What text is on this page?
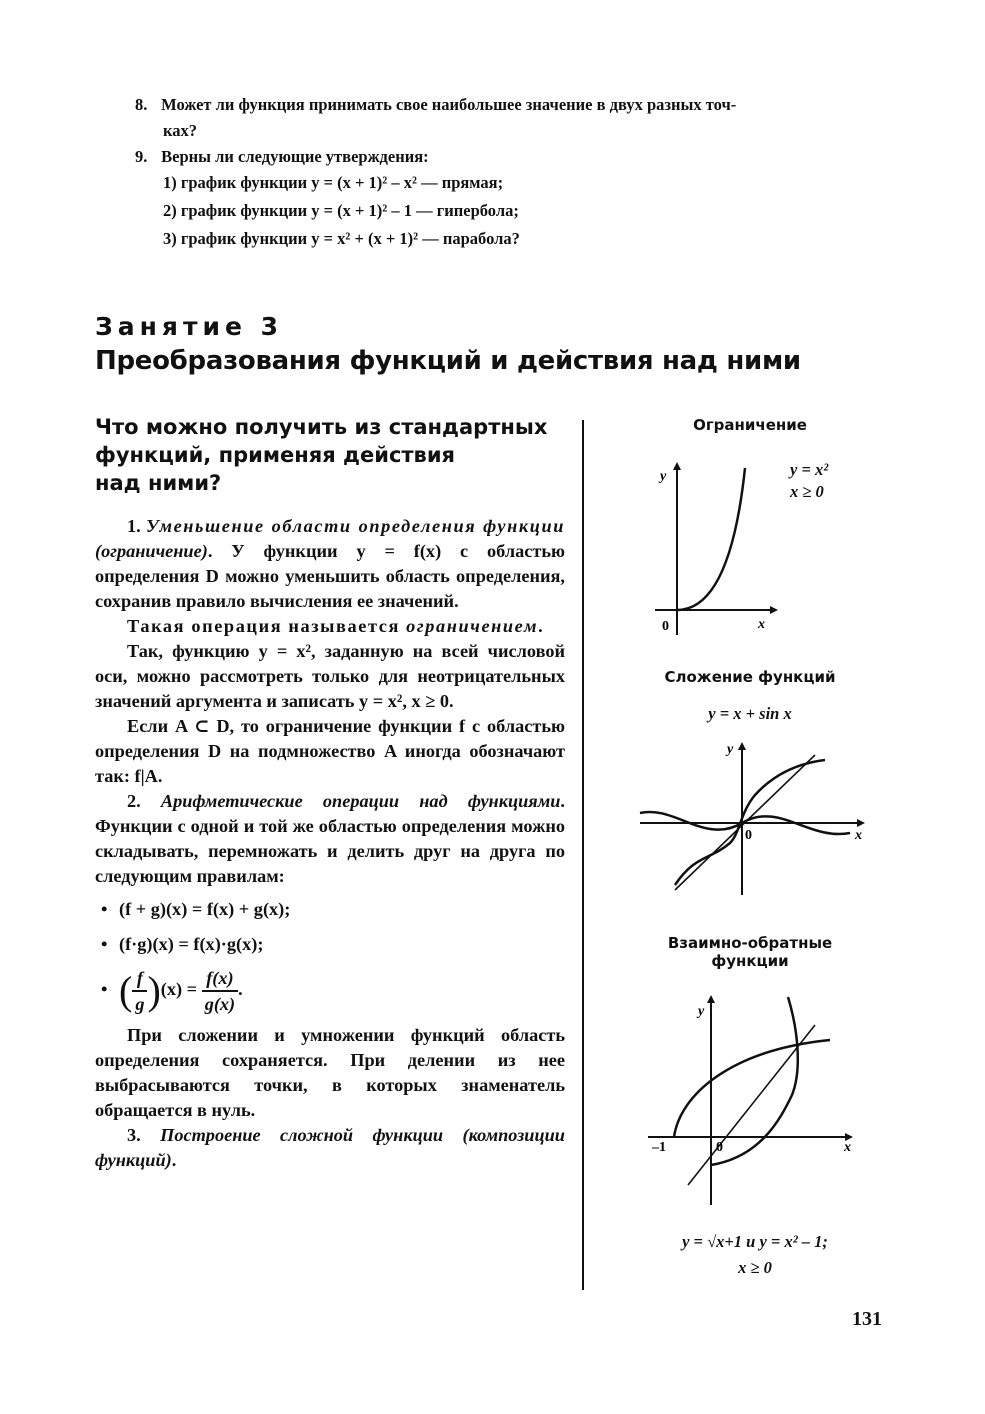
8. Может ли функция принимать свое наибольшее значение в двух разных точ-
ках?
9. Верны ли следующие утверждения:
1) график функции y = (x + 1)² – x² — прямая;
2) график функции y = (x + 1)² – 1 — гипербола;
3) график функции y = x² + (x + 1)² — парабола?
Занятие 3
Преобразования функций и действия над ними
Что можно получить из стандартных
функций, применяя действия
над ними?

1. Уменьшение области определения функции (ограничение). У функции y = f(x) с областью определения D можно уменьшить область определения, сохранив правило вычисления ее значений.

Такая операция называется ограничением.

Так, функцию y = x², заданную на всей числовой оси, можно рассмотреть только для неотрицательных значений аргумента и записать y = x², x ≥ 0.

Если A ⊂ D, то ограничение функции f с областью определения D на подмножество A иногда обозначают так: f|A.

2. Арифметические операции над функциями. Функции с одной и той же областью определения можно складывать, перемножать и делить друг на друга по следующим правилам:

• (f + g)(x) = f(x) + g(x);

• (f·g)(x) = f(x)·g(x);

• ( $\frac{f}{g} )(x) = \frac{f(x)}{g(x)}$ .

При сложении и умножении функций область определения сохраняется. При делении из нее выбрасываются точки, в которых знаменатель обращается в нуль.

3. Построение сложной функции (композиции функций).

Ограничение
y
x
0
y = x²
x ≥ 0
Сложение функций
y = x + sin x
y
x
0
Взаимно-обратные
функции
y
x
0
–1
y = √x+1 и y = x² – 1;
x ≥ 0
131
